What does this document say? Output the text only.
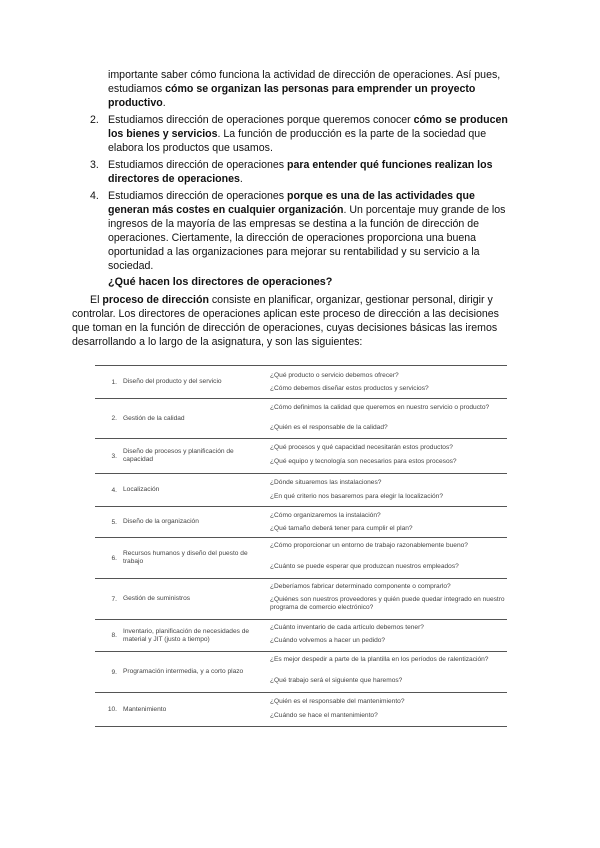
importante saber cómo funciona la actividad de dirección de operaciones. Así pues,

estudiamos cómo se organizan las personas para emprender un proyecto

productivo.

2. Estudiamos dirección de operaciones porque queremos conocer cómo se producen

los bienes y servicios. La función de producción es la parte de la sociedad que

elabora los productos que usamos.

3. Estudiamos dirección de operaciones para entender qué funciones realizan los

directores de operaciones.

4. Estudiamos dirección de operaciones porque es una de las actividades que

generan más costes en cualquier organización. Un porcentaje muy grande de los

ingresos de la mayoría de las empresas se destina a la función de dirección de

operaciones. Ciertamente, la dirección de operaciones proporciona una buena

oportunidad a las organizaciones para mejorar su rentabilidad y su servicio a la

sociedad.

¿Qué hacen los directores de operaciones?

El proceso de dirección consiste en planificar, organizar, gestionar personal, dirigir y

controlar. Los directores de operaciones aplican este proceso de dirección a las decisiones

que toman en la función de dirección de operaciones, cuyas decisiones básicas las iremos

desarrollando a lo largo de la asignatura, y son las siguientes:

1. Diseño del producto y del servicio
¿Qué producto o servicio debemos ofrecer?
¿Cómo debemos diseñar estos productos y servicios?
2. Gestión de la calidad
¿Cómo definimos la calidad que queremos en nuestro servicio o producto?
¿Quién es el responsable de la calidad?
3.
Diseño de procesos y planificación de capacidad
¿Qué procesos y qué capacidad necesitarán estos productos?
¿Qué equipo y tecnología son necesarios para estos procesos?
4. Localización
¿Dónde situaremos las instalaciones?
¿En qué criterio nos basaremos para elegir la localización?
5. Diseño de la organización
¿Cómo organizaremos la instalación?
¿Qué tamaño deberá tener para cumplir el plan?
6.
Recursos humanos y diseño del puesto de trabajo
¿Cómo proporcionar un entorno de trabajo razonablemente bueno?
¿Cuánto se puede esperar que produzcan nuestros empleados?
7. Gestión de suministros
¿Deberíamos fabricar determinado componente o comprarlo?
¿Quiénes son nuestros proveedores y quién puede quedar integrado en nuestro programa de comercio electrónico?
8.
Inventario, planificación de necesidades de material y JIT (justo a tiempo)
¿Cuánto inventario de cada artículo debemos tener?
¿Cuándo volvemos a hacer un pedido?
9. Programación intermedia, y a corto plazo
¿Es mejor despedir a parte de la plantilla en los períodos de ralentización?
¿Qué trabajo será el siguiente que haremos?
10. Mantenimiento
¿Quién es el responsable del mantenimiento?
¿Cuándo se hace el mantenimiento?
